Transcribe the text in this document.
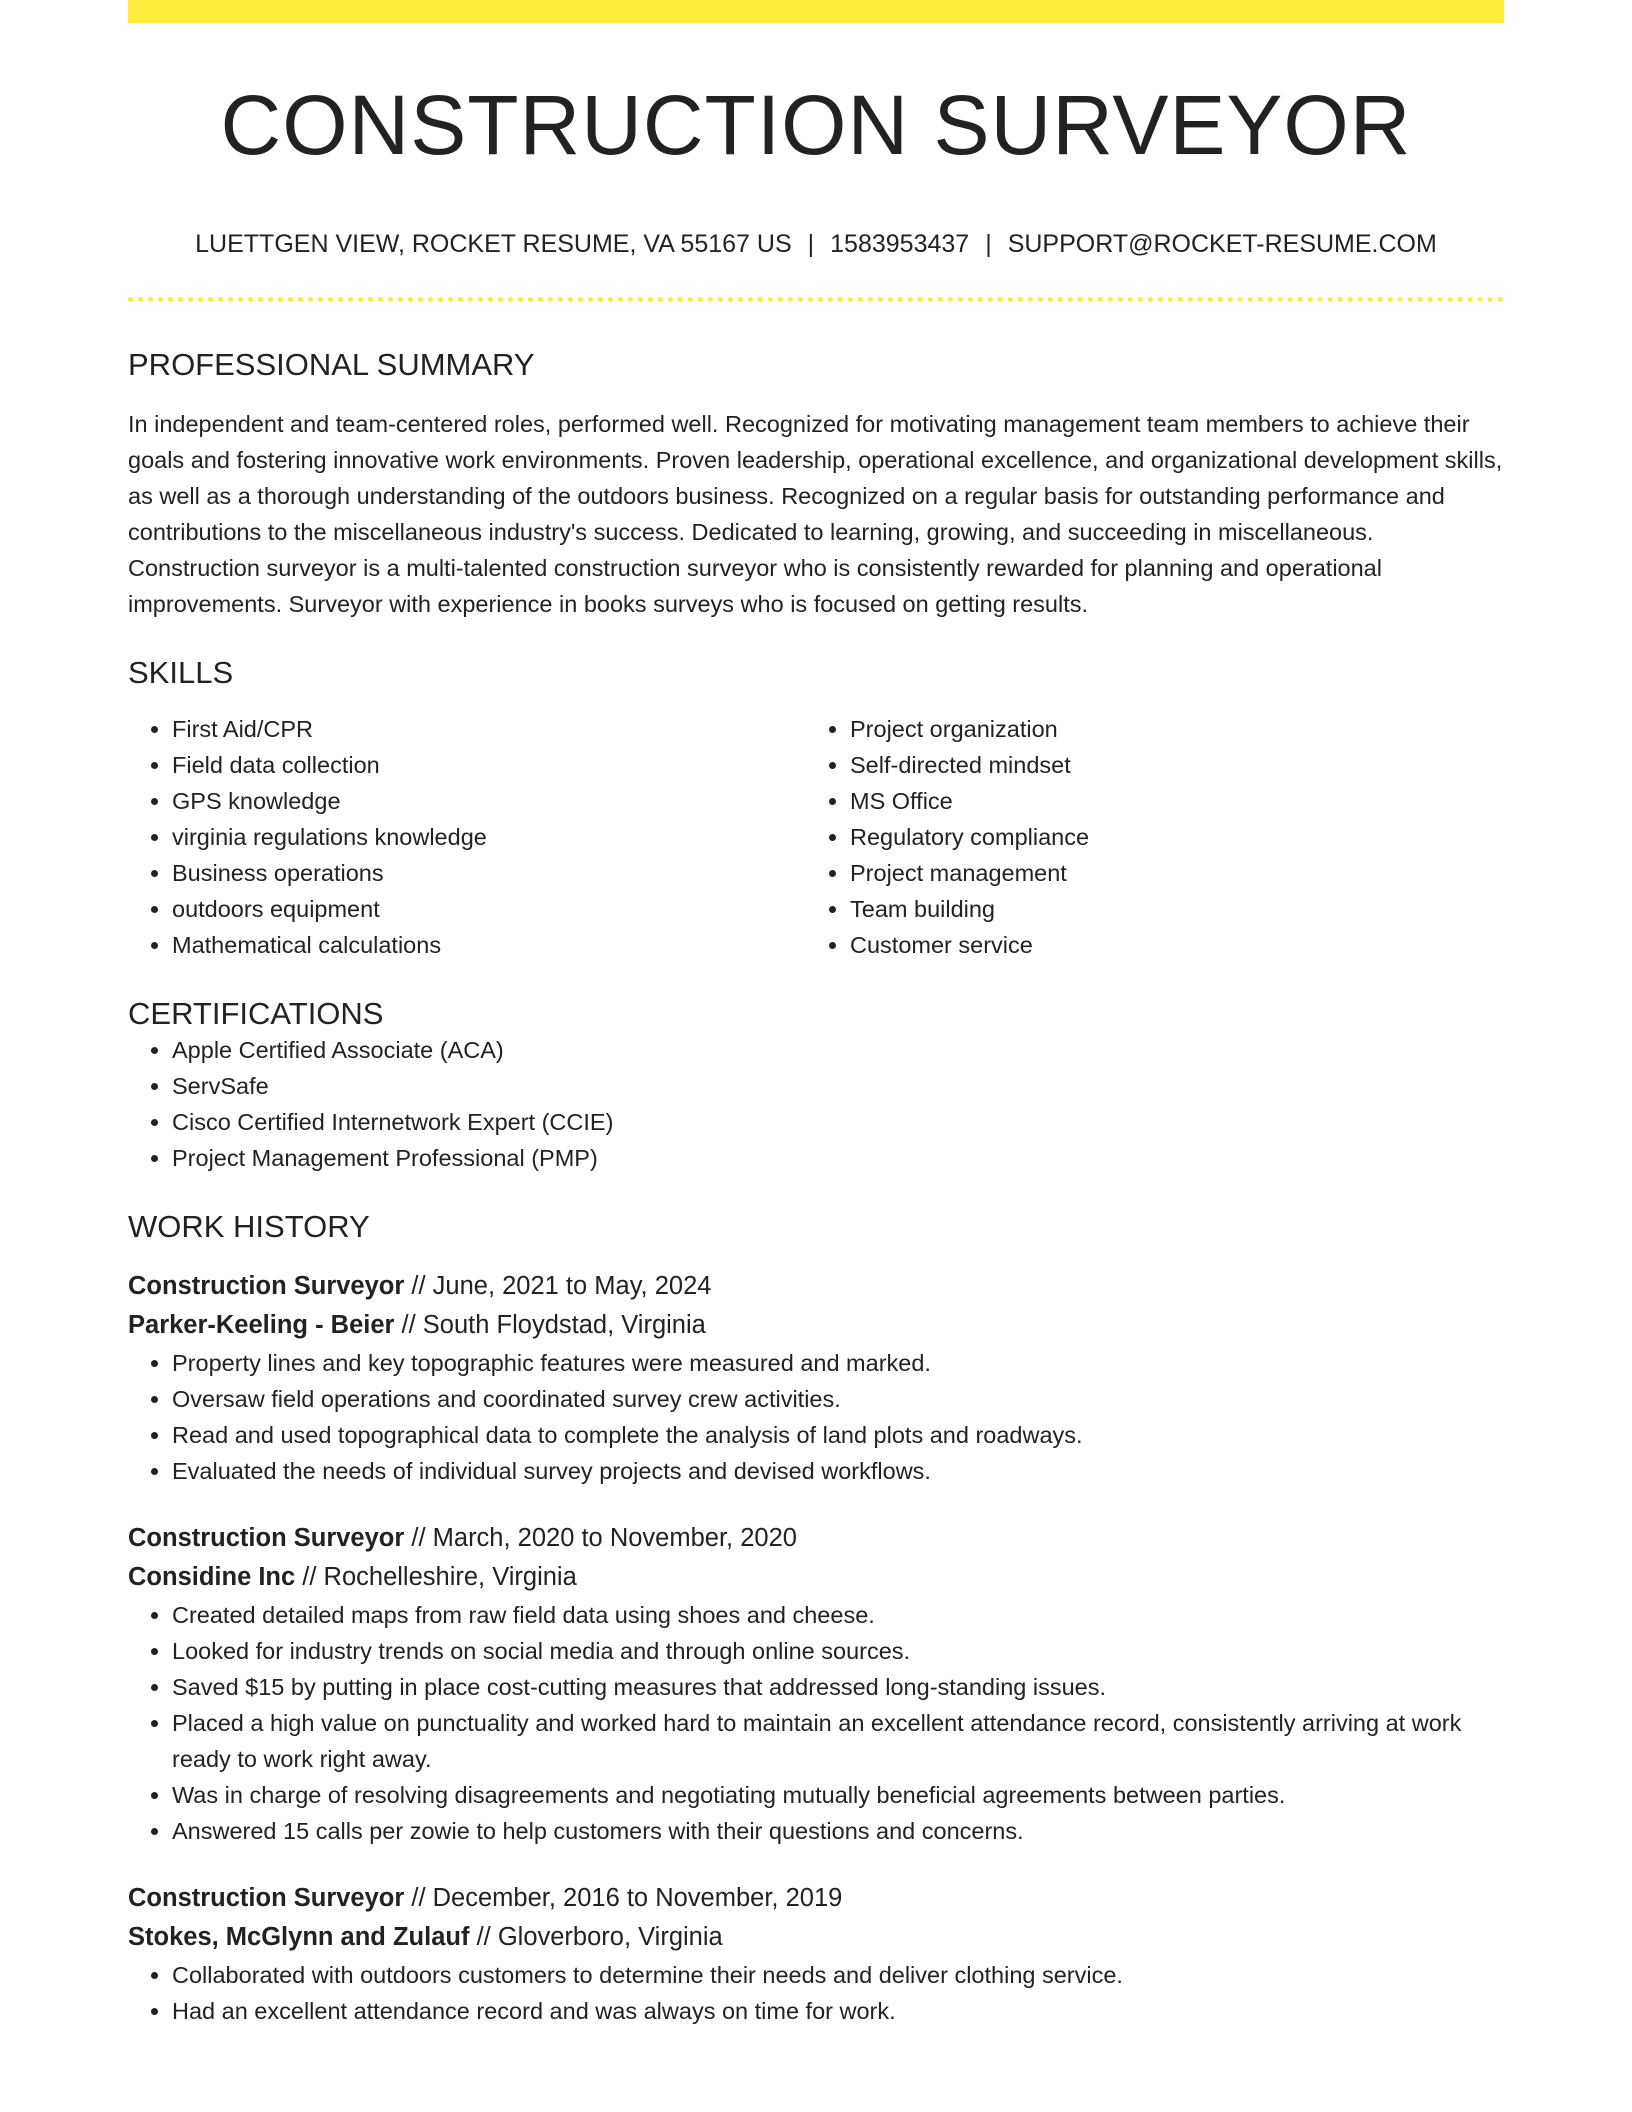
CONSTRUCTION SURVEYOR
LUETTGEN VIEW, ROCKET RESUME, VA 55167 US | 1583953437 | SUPPORT@ROCKET-RESUME.COM
PROFESSIONAL SUMMARY

In independent and team-centered roles, performed well. Recognized for motivating management team members to achieve their goals and fostering innovative work environments. Proven leadership, operational excellence, and organizational development skills, as well as a thorough understanding of the outdoors business. Recognized on a regular basis for outstanding performance and contributions to the miscellaneous industry's success. Dedicated to learning, growing, and succeeding in miscellaneous. Construction surveyor is a multi-talented construction surveyor who is consistently rewarded for planning and operational improvements. Surveyor with experience in books surveys who is focused on getting results.

SKILLS
• First Aid/CPR
• Field data collection
• GPS knowledge
• virginia regulations knowledge
• Business operations
• outdoors equipment
• Mathematical calculations
• Project organization
• Self-directed mindset
• MS Office
• Regulatory compliance
• Project management
• Team building
• Customer service
CERTIFICATIONS
• Apple Certified Associate (ACA)
• ServSafe
• Cisco Certified Internetwork Expert (CCIE)
• Project Management Professional (PMP)
WORK HISTORY
Construction Surveyor // June, 2021 to May, 2024
Parker-Keeling - Beier // South Floydstad, Virginia
• Property lines and key topographic features were measured and marked.
• Oversaw field operations and coordinated survey crew activities.
• Read and used topographical data to complete the analysis of land plots and roadways.
• Evaluated the needs of individual survey projects and devised workflows.
Construction Surveyor // March, 2020 to November, 2020
Considine Inc // Rochelleshire, Virginia
• Created detailed maps from raw field data using shoes and cheese.
• Looked for industry trends on social media and through online sources.
• Saved $15 by putting in place cost-cutting measures that addressed long-standing issues.
• Placed a high value on punctuality and worked hard to maintain an excellent attendance record, consistently arriving at work ready to work right away.
• Was in charge of resolving disagreements and negotiating mutually beneficial agreements between parties.
• Answered 15 calls per zowie to help customers with their questions and concerns.
Construction Surveyor // December, 2016 to November, 2019
Stokes, McGlynn and Zulauf // Gloverboro, Virginia
• Collaborated with outdoors customers to determine their needs and deliver clothing service.
• Had an excellent attendance record and was always on time for work.
